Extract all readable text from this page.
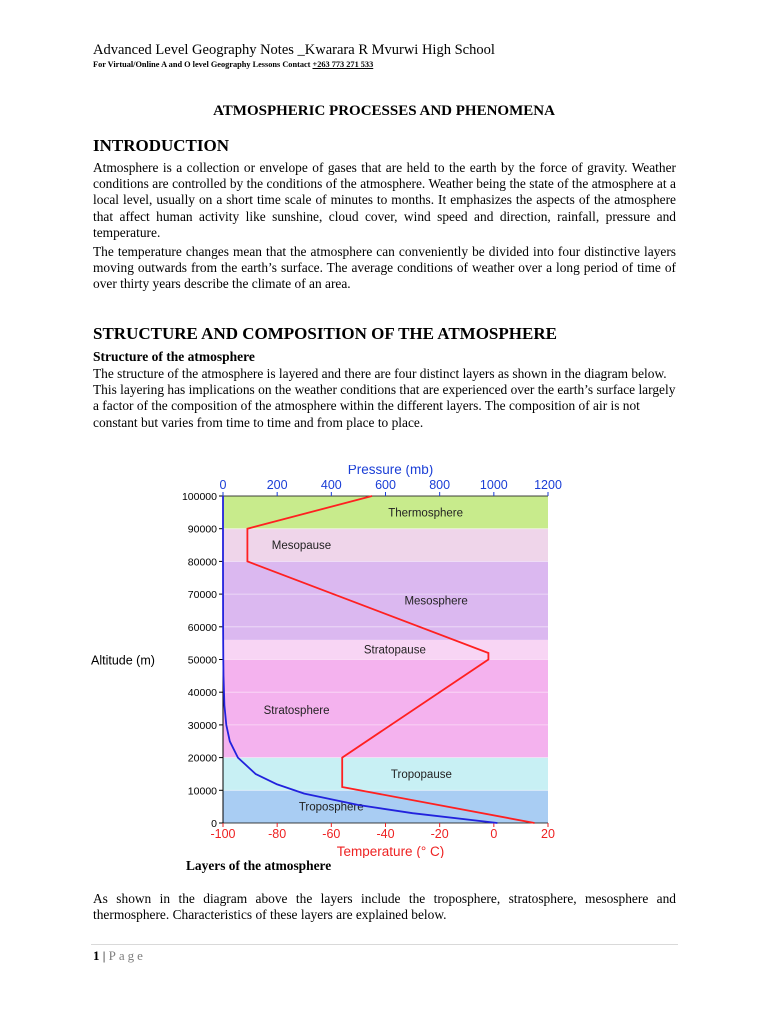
Advanced Level Geography Notes _Kwarara R Mvurwi High School
For Virtual/Online A and O level Geography Lessons Contact +263 773 271 533
ATMOSPHERIC PROCESSES AND PHENOMENA
INTRODUCTION
Atmosphere is a collection or envelope of gases that are held to the earth by the force of gravity. Weather conditions are controlled by the conditions of the atmosphere. Weather being the state of the atmosphere at a local level, usually on a short time scale of minutes to months. It emphasizes the aspects of the atmosphere that affect human activity like sunshine, cloud cover, wind speed and direction, rainfall, pressure and temperature.
The temperature changes mean that the atmosphere can conveniently be divided into four distinctive layers moving outwards from the earth’s surface. The average conditions of weather over a long period of time of over thirty years describe the climate of an area.
STRUCTURE AND COMPOSITION OF THE ATMOSPHERE
Structure of the atmosphere
The structure of the atmosphere is layered and there are four distinct layers as shown in the diagram below. This layering has implications on the weather conditions that are experienced over the earth’s surface largely a factor of the composition of the atmosphere within the different layers. The composition of air is not constant but varies from time to time and from place to place.
Troposphere
Tropopause
Stratosphere
Stratopause
Mesosphere
Mesopause
Thermosphere
0
10000
20000
30000
40000
50000
60000
70000
80000
90000
100000
Altitude (m)
0	200	400	600	800 1000 1200
Pressure (mb)
-100	-80	-60	-40	-20	0	20
Temperature (° C)
Layers of the atmosphere
As shown in the diagram above the layers include the troposphere, stratosphere, mesosphere and thermosphere. Characteristics of these layers are explained below.
1 | Page
